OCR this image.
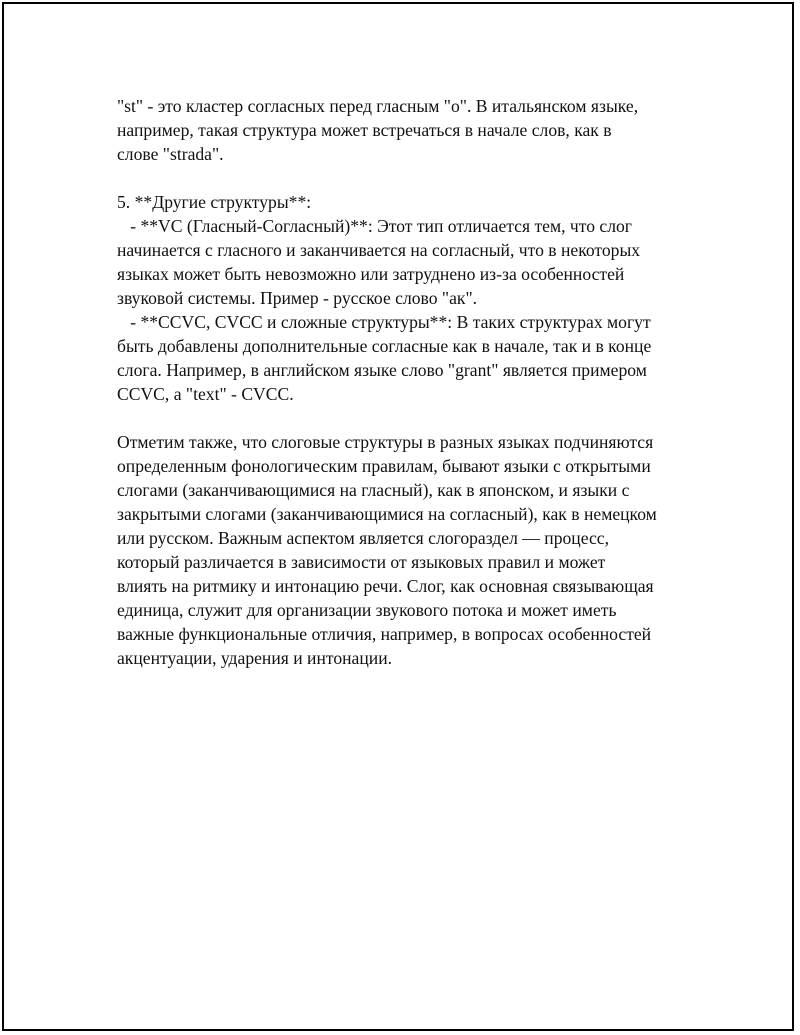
"st" - это кластер согласных перед гласным "о". В итальянском языке,
например, такая структура может встречаться в начале слов, как в
слове "strada".
5. **Другие структуры**:
- **VC (Гласный-Согласный)**: Этот тип отличается тем, что слог
начинается с гласного и заканчивается на согласный, что в некоторых
языках может быть невозможно или затруднено из-за особенностей
звуковой системы. Пример - русское слово "ак".
- **CCVC, CVCC и сложные структуры**: В таких структурах могут
быть добавлены дополнительные согласные как в начале, так и в конце
слога. Например, в английском языке слово "grant" является примером
CCVC, а "text" - CVCC.
Отметим также, что слоговые структуры в разных языках подчиняются
определенным фонологическим правилам, бывают языки с открытыми
слогами (заканчивающимися на гласный), как в японском, и языки с
закрытыми слогами (заканчивающимися на согласный), как в немецком
или русском. Важным аспектом является слогораздел — процесс,
который различается в зависимости от языковых правил и может
влиять на ритмику и интонацию речи. Слог, как основная связывающая
единица, служит для организации звукового потока и может иметь
важные функциональные отличия, например, в вопросах особенностей
акцентуации, ударения и интонации.
